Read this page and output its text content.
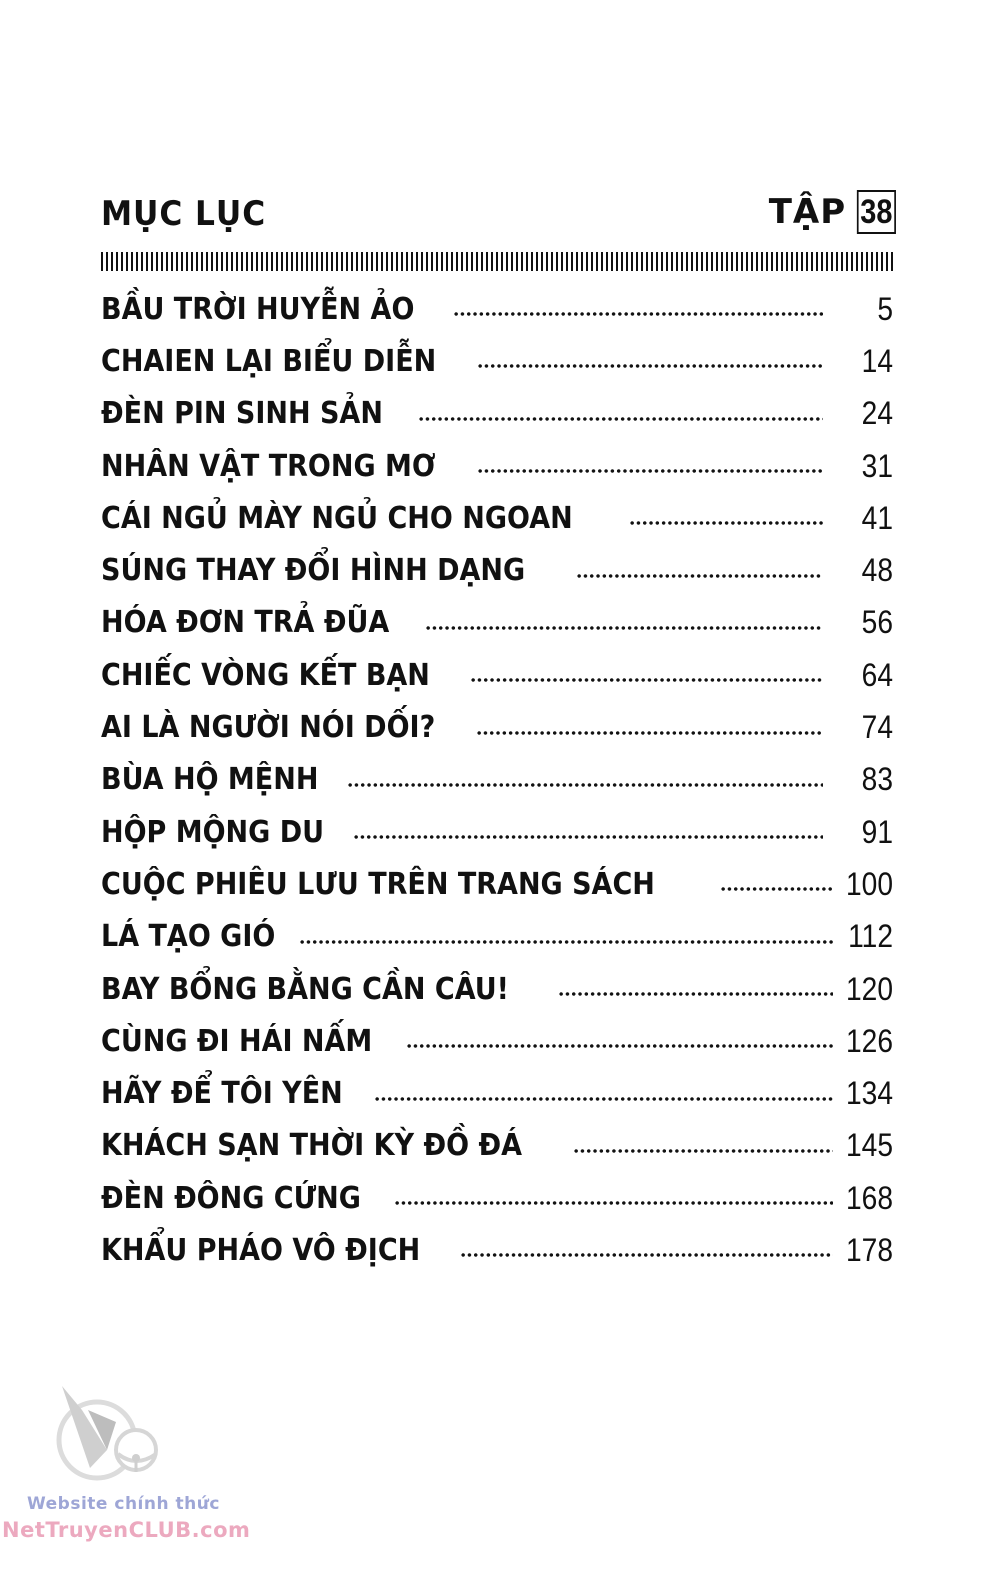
MỤC LỤC	TẬP 38
BẦU TRỜI HUYỄN ẢO	5
CHAIEN LẠI BIỂU DIỄN	14
ĐÈN PIN SINH SẢN	24
NHÂN VẬT TRONG MƠ	31
CÁI NGỦ MÀY NGỦ CHO NGOAN	41
SÚNG THAY ĐỔI HÌNH DẠNG	48
HÓA ĐƠN TRẢ ĐŨA	56
CHIẾC VÒNG KẾT BẠN	64
AI LÀ NGƯỜI NÓI DỐI?	74
BÙA HỘ MỆNH	83
HỘP MỘNG DU	91
CUỘC PHIÊU LƯU TRÊN TRANG SÁCH	100
LÁ TẠO GIÓ	112
BAY BỔNG BẰNG CẦN CÂU!	120
CÙNG ĐI HÁI NẤM	126
HÃY ĐỂ TÔI YÊN	134
KHÁCH SẠN THỜI KỲ ĐỒ ĐÁ	145
ĐÈN ĐÔNG CỨNG	168
KHẨU PHÁO VÔ ĐỊCH	178
Website chính thức
NetTruyenCLUB.com
